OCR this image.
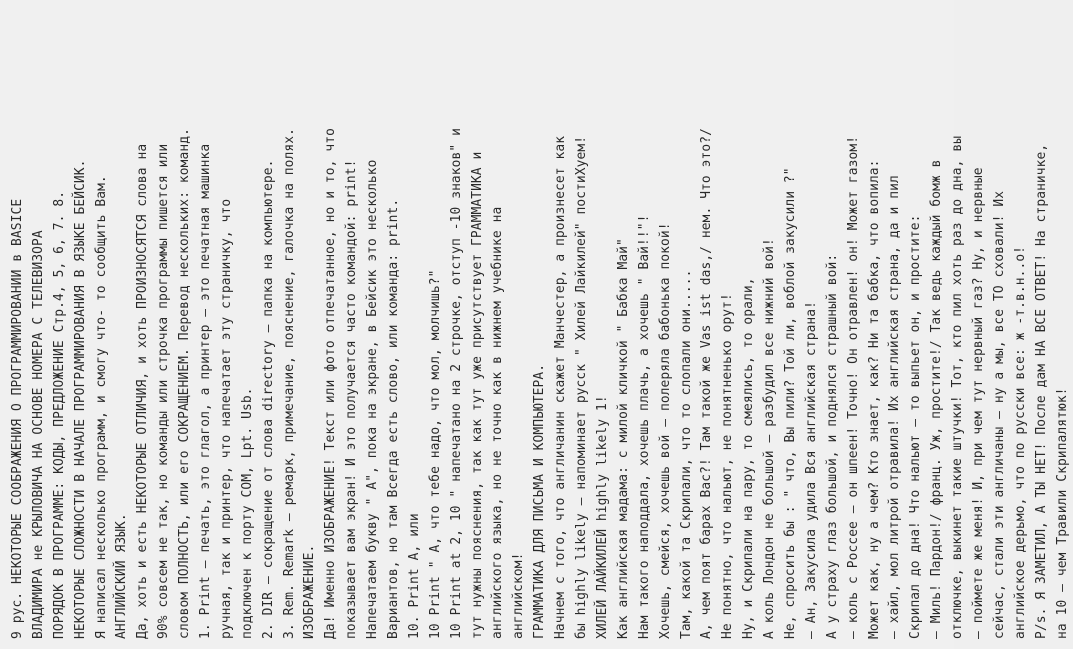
9 рус. НЕКОТОРЫЕ СООБРАЖЕНИЯ О ПРОГРАММИРОВАНИИ в BASICE ВЛАДИМИРА не КРЫЛОВИЧА НА ОСНОВЕ НОМЕРА С ТЕЛЕВИЗОРА ПОРЯДОК В ПРОГРАММЕ: КОДЫ, ПРЕДЛОЖЕНИЕ Стр.4, 5, 6, 7. 8. НЕКОТОРЫЕ СЛОЖНОСТИ В НАЧАЛЕ ПРОГРАММИРОВАНИЯ В ЯЗЫКЕ БЕЙСИК. Я написал несколько программ, и смогу что- то сообщить Вам. АНГЛИЙСКИЙ ЯЗЫК. Да, хоть и есть НЕКОТОРЫЕ ОТЛИЧИЯ, и хоть ПРОИЗНОСЯТСЯ слова на 90% совсем не так, но команды или строчка программы пишется или словом ПОЛНОСТЬ, или его СОКРАЩЕНИЕМ. Перевод нескольких: команд. 1. Print – печать, это глагол, а принтер – это печатная машинка ручная, так и принтер, что напечатает эту страничку, что подключен к порту COM, Lpt. Usb. 2. DIR – сокращение от слова directory – папка на компьютере. 3. Rem. Remark – ремарк, примечание, пояснение, галочка на полях. ИЗОБРАЖЕНИЕ. Да! Именно ИЗОБРАЖЕНИЕ! Текст или фото отпечатанное, но и то, что показывает вам экран! И это получается часто командой: print! Напечатаем букву " А", пока на экране, в Бейсик это несколько Вариантов, но там Всегда есть слово, или команда: print. 10. Print A, или 10 Print " A, что тебе надо, что мол, молчишь?" 10 Print at 2, 10 " напечатано на 2 строчке, отступ -10 знаков" и тут нужны пояснения, так как тут уже присутствует ГРАММАТИКА и английского языка, но не точно как в нижнем учебнике на английском! ГРАММАТИКА ДЛЯ ПИСЬМА И КОМПЬЮТЕРА. Начнем с того, что англичанин скажет Манчестер, а произнесет как бы highly likely – напоминает русск " Хилей Лайкилей" постиХуем! ХИЛЕЙ ЛАЙКИЛЕЙ highly likely 1! Как английская мадама: с милой кличкой " Бабка Май" Нам такого наподдала, хочешь плачь, а хочешь " Вай!!"! Хочешь, смейся, хочешь вой – полеряла бабонька покой! Там, какой та Скрипали, что то слопали они..... А, чем поят барах Вас?! Там такой же Vas ist das,/ нем. Что это?/ Не понятно, что нальют, не понятненько орут! Ну, и Скрипали на пару, то смеялись, то орали, А коль Лондон не большой – разбудил все нижний вой! Не, спросить бы : " что, Вы пили? Той ли, воблой закусили ?" – Ан, Закусила удила Вся английская страна! А у страху глаз большой, и поднялся страшный вой: – коль с Россее – он шпеен! Точно! Он отравлен! он! Может газом! Может как, ну а чем? Кто знает, как? Ни та бабка, что вопила: – хайл, мол литрой отравила! Их английская страна, да и пил Скрипал до дна! Что нальют – то выпьет он, и простите: – Миль! Пардон!/ франц. Уж, простите!/ Так ведь каждый бомж в отключке, выкинет такие штучки! Тот, кто пил хоть раз до дна, вы – поймете же меня! И, при чем тут нервный газ? Ну, и нервные сейчас, стали эти англичаны – ну а мы, все ТО сховали! Их английское дерьмо, что по русски все: ж -т.в.н..о! P/s. Я ЗАМЕТИЛ, А ТЫ НЕТ! После дам НА ВСЕ ОТВЕТ! На страничке, на 10 – чем Травили Скрипалятюк!
